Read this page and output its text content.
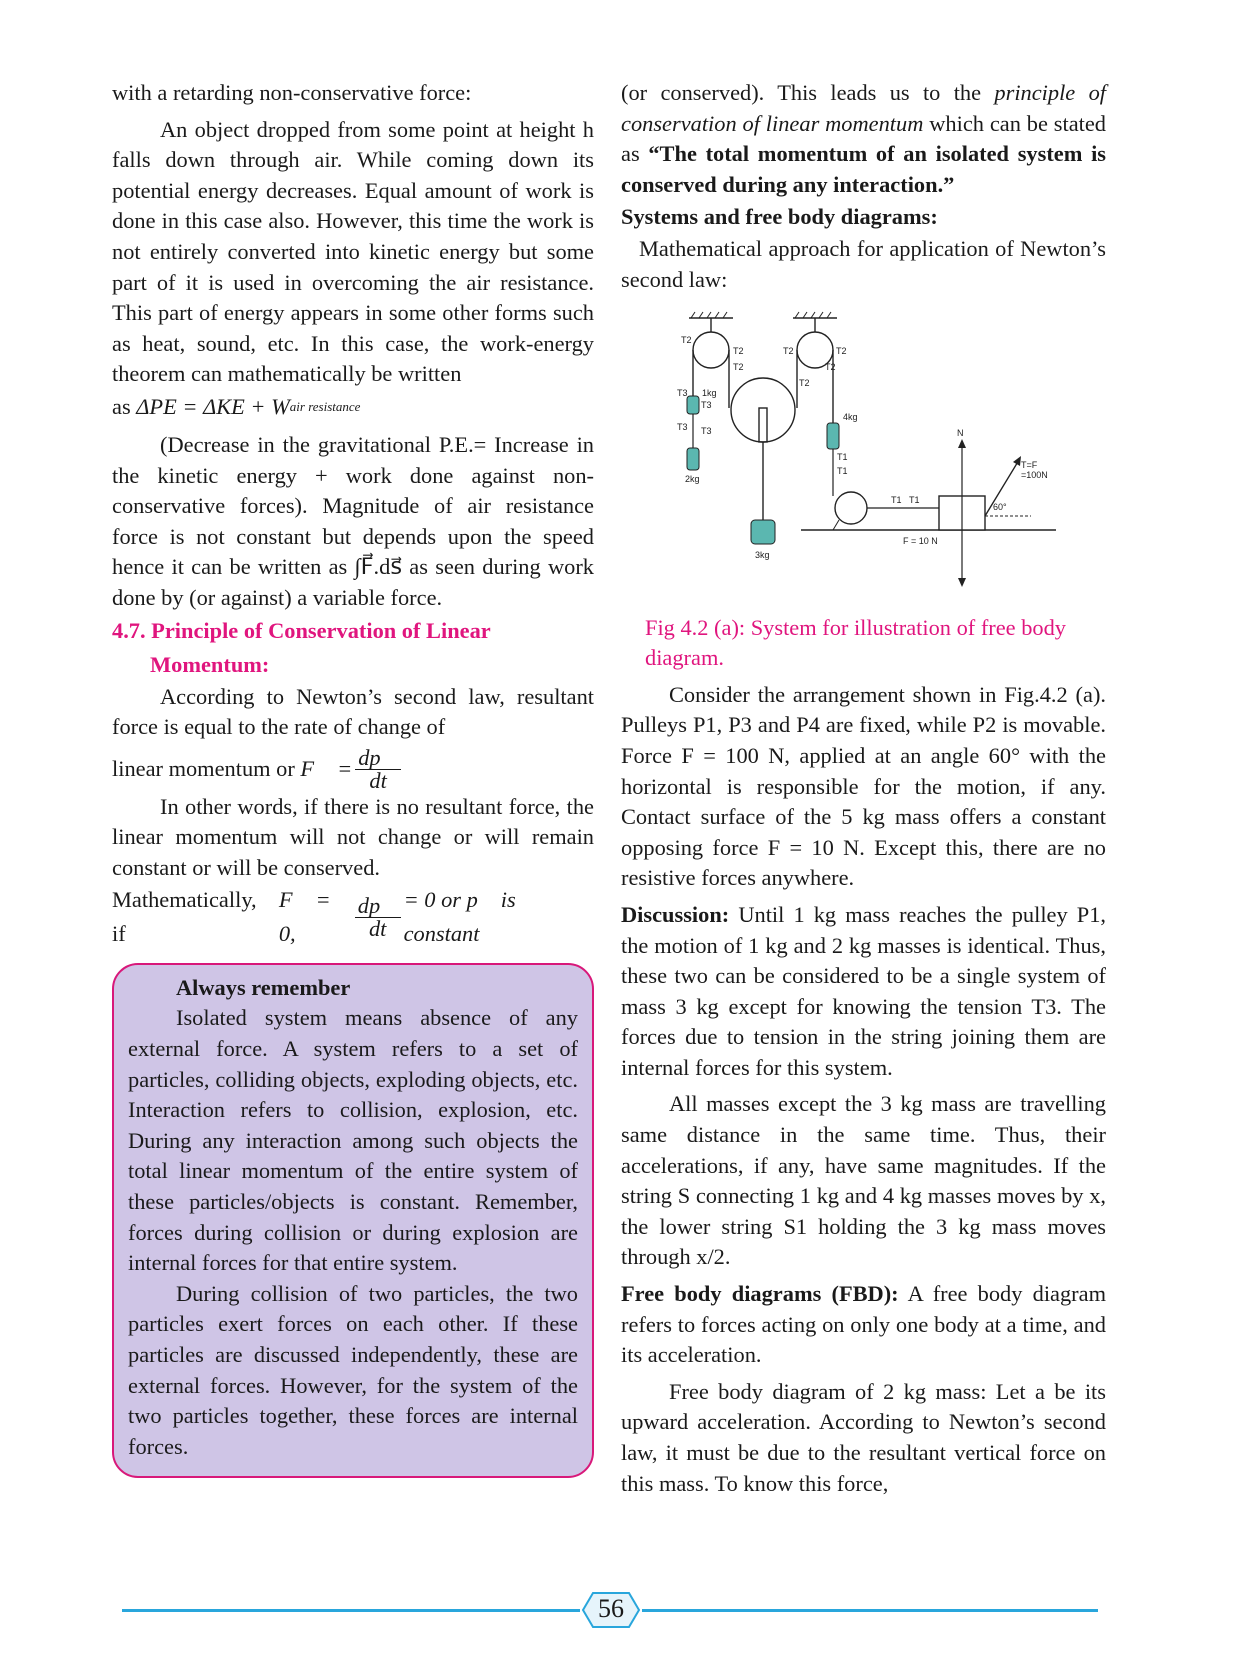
with a retarding non-conservative force:

An object dropped from some point at height h falls down through air. While coming down its potential energy decreases. Equal amount of work is done in this case also. However, this time the work is not entirely converted into kinetic energy but some part of it is used in overcoming the air resistance. This part of energy appears in some other forms such as heat, sound, etc. In this case, the work-energy theorem can mathematically be written

as
ΔPE = ΔKE + W air resistance

(Decrease in the gravitational P.E.= Increase in the kinetic energy + work done against non-conservative forces). Magnitude of air resistance force is not constant but depends upon the speed hence it can be written as ∫F⃗.ds⃗ as seen during work done by (or against) a variable force.

4.7. Principle of Conservation of Linear
Momentum:

According to Newton’s second law, resultant force is equal to the rate of change of

linear momentum or
F⃗ = $\frac{dp⃗}{dt}$

In other words, if there is no resultant force, the linear momentum will not change or will remain constant or will be conserved.

Mathematically, if

F⃗ = 0,	$\frac{dp⃗}{dt} = 0$ or p⃗ is constant
Always remember

Isolated system means absence of any external force. A system refers to a set of particles, colliding objects, exploding objects, etc. Interaction refers to collision, explosion, etc. During any interaction among such objects the total linear momentum of the entire system of these particles/objects is constant. Remember, forces during collision or during explosion are internal forces for that entire system.

During collision of two particles, the two particles exert forces on each other. If these particles are discussed independently, these are external forces. However, for the system of the two particles together, these forces are internal forces.

(or conserved). This leads us to the principle of conservation of linear momentum which can be stated as “The total momentum of an isolated system is conserved during any interaction.”

Systems and free body diagrams:

Mathematical approach for application of Newton’s second law:

T2
T2
T2
T2	T2
T2
T2
T3
T3
T3 T3
1kg
2kg
3kg
4kg
T1
T1
T1 T1
N
T=F
=100N
60°
F = 10 N
Fig 4.2 (a): System for illustration of free body diagram.

Consider the arrangement shown in Fig.4.2 (a). Pulleys P1, P3 and P4 are fixed, while P2 is movable. Force F = 100 N, applied at an angle 60° with the horizontal is responsible for the motion, if any. Contact surface of the 5 kg mass offers a constant opposing force F = 10 N. Except this, there are no resistive forces anywhere.

Discussion: Until 1 kg mass reaches the pulley P1, the motion of 1 kg and 2 kg masses is identical. Thus, these two can be considered to be a single system of mass 3 kg except for knowing the tension T3. The forces due to tension in the string joining them are internal forces for this system.

All masses except the 3 kg mass are travelling same distance in the same time. Thus, their accelerations, if any, have same magnitudes. If the string S connecting 1 kg and 4 kg masses moves by x, the lower string S1 holding the 3 kg mass moves through x/2.

Free body diagrams (FBD): A free body diagram refers to forces acting on only one body at a time, and its acceleration.

Free body diagram of 2 kg mass: Let a be its upward acceleration. According to Newton’s second law, it must be due to the resultant vertical force on this mass. To know this force,

56
